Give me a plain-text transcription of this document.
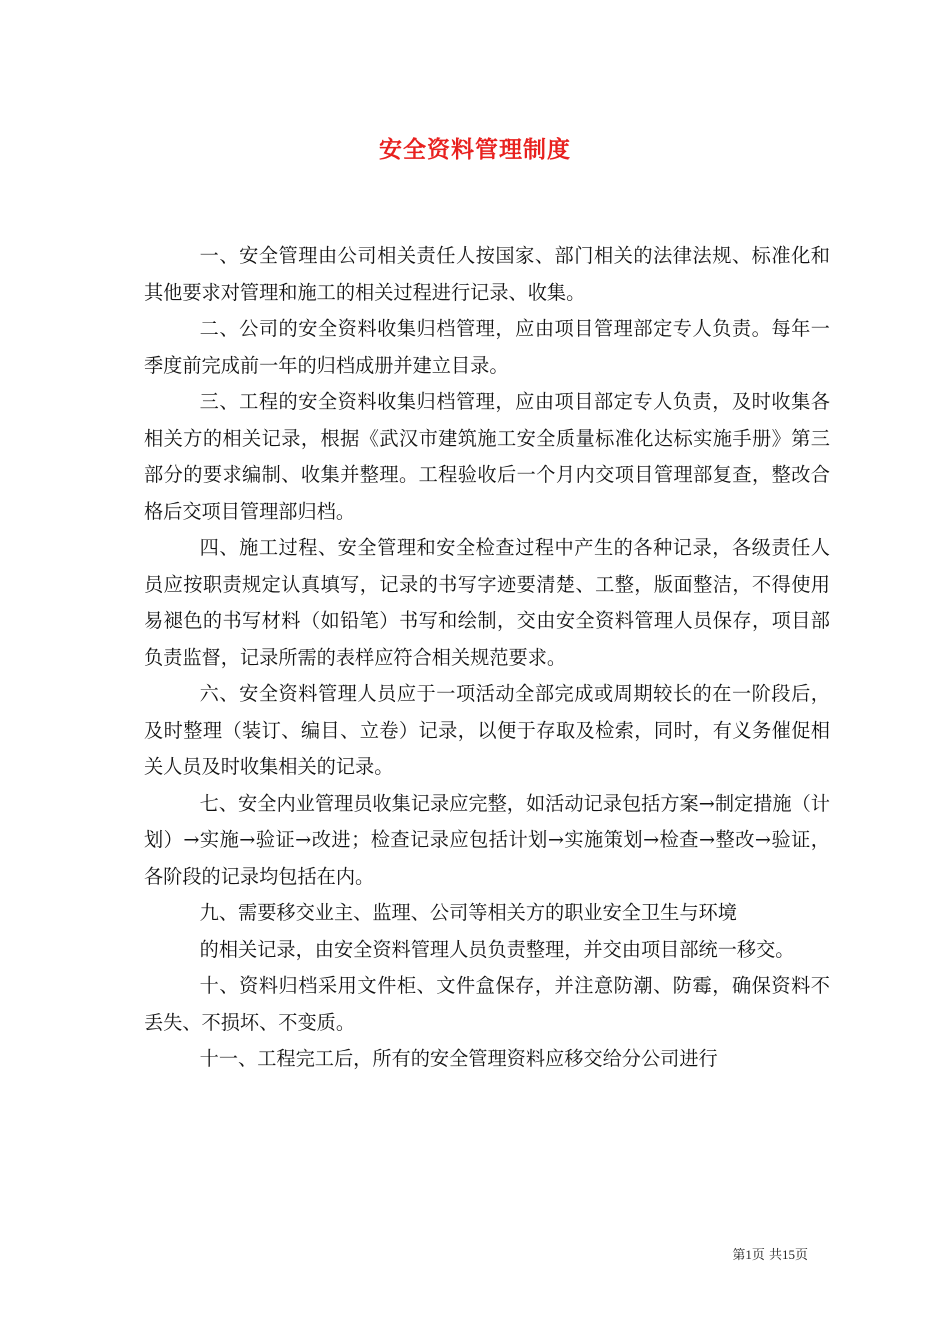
安全资料管理制度

一、安全管理由公司相关责任人按国家、部门相关的法律法规、标准化和其他要求对管理和施工的相关过程进行记录、收集。

二、公司的安全资料收集归档管理，应由项目管理部定专人负责。每年一季度前完成前一年的归档成册并建立目录。

三、工程的安全资料收集归档管理，应由项目部定专人负责，及时收集各相关方的相关记录，根据《武汉市建筑施工安全质量标准化达标实施手册》第三部分的要求编制、收集并整理。工程验收后一个月内交项目管理部复查，整改合格后交项目管理部归档。

四、施工过程、安全管理和安全检查过程中产生的各种记录，各级责任人员应按职责规定认真填写，记录的书写字迹要清楚、工整，版面整洁，不得使用易褪色的书写材料（如铅笔）书写和绘制，交由安全资料管理人员保存，项目部负责监督，记录所需的表样应符合相关规范要求。

六、安全资料管理人员应于一项活动全部完成或周期较长的在一阶段后，及时整理（装订、编目、立卷）记录，以便于存取及检索，同时，有义务催促相关人员及时收集相关的记录。

七、安全内业管理员收集记录应完整，如活动记录包括方案→制定措施（计划）→实施→验证→改进；检查记录应包括计划→实施策划→检查→整改→验证，各阶段的记录均包括在内。

九、需要移交业主、监理、公司等相关方的职业安全卫生与环境

的相关记录，由安全资料管理人员负责整理，并交由项目部统一移交。

十、资料归档采用文件柜、文件盒保存，并注意防潮、防霉，确保资料不丢失、不损坏、不变质。

十一、工程完工后，所有的安全管理资料应移交给分公司进行

第1页 共15页
